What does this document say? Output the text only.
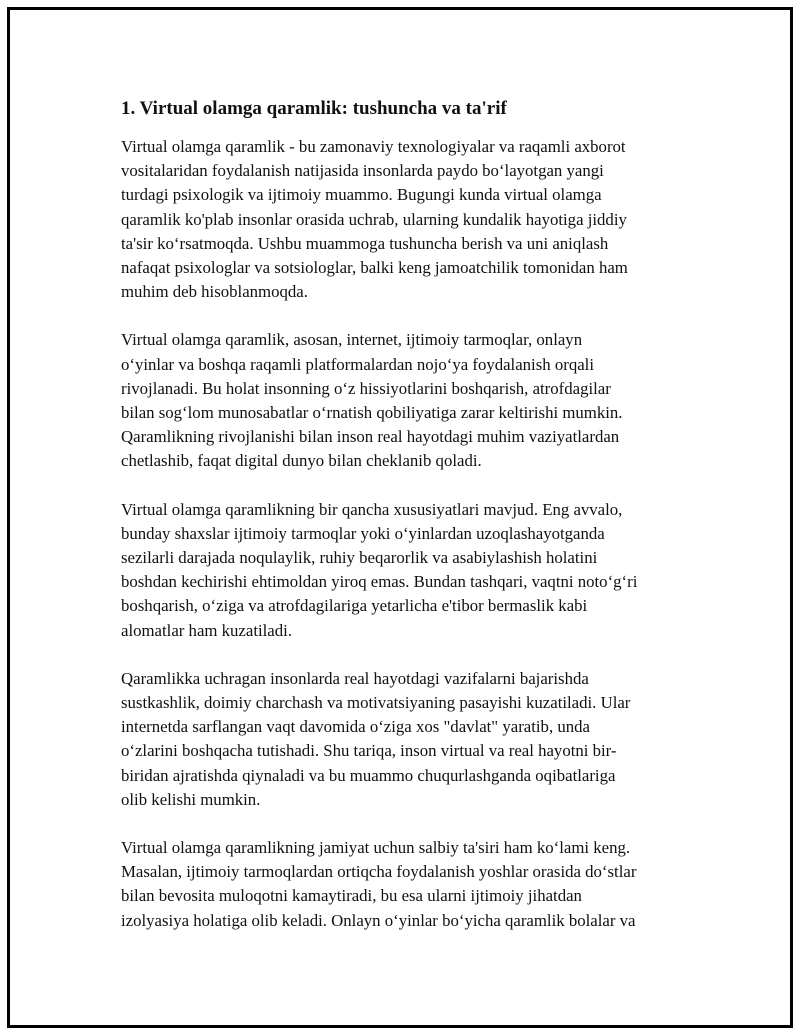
1. Virtual olamga qaramlik: tushuncha va ta'rif

Virtual olamga qaramlik - bu zamonaviy texnologiyalar va raqamli axborot
vositalaridan foydalanish natijasida insonlarda paydo bo‘layotgan yangi
turdagi psixologik va ijtimoiy muammo. Bugungi kunda virtual olamga
qaramlik ko'plab insonlar orasida uchrab, ularning kundalik hayotiga jiddiy
ta'sir ko‘rsatmoqda. Ushbu muammoga tushuncha berish va uni aniqlash
nafaqat psixologlar va sotsiologlar, balki keng jamoatchilik tomonidan ham
muhim deb hisoblanmoqda.

Virtual olamga qaramlik, asosan, internet, ijtimoiy tarmoqlar, onlayn
o‘yinlar va boshqa raqamli platformalardan nojo‘ya foydalanish orqali
rivojlanadi. Bu holat insonning o‘z hissiyotlarini boshqarish, atrofdagilar
bilan sog‘lom munosabatlar o‘rnatish qobiliyatiga zarar keltirishi mumkin.
Qaramlikning rivojlanishi bilan inson real hayotdagi muhim vaziyatlardan
chetlashib, faqat digital dunyo bilan cheklanib qoladi.

Virtual olamga qaramlikning bir qancha xususiyatlari mavjud. Eng avvalo,
bunday shaxslar ijtimoiy tarmoqlar yoki o‘yinlardan uzoqlashayotganda
sezilarli darajada noqulaylik, ruhiy beqarorlik va asabiylashish holatini
boshdan kechirishi ehtimoldan yiroq emas. Bundan tashqari, vaqtni noto‘g‘ri
boshqarish, o‘ziga va atrofdagilariga yetarlicha e'tibor bermaslik kabi
alomatlar ham kuzatiladi.

Qaramlikka uchragan insonlarda real hayotdagi vazifalarni bajarishda
sustkashlik, doimiy charchash va motivatsiyaning pasayishi kuzatiladi. Ular
internetda sarflangan vaqt davomida o‘ziga xos "davlat" yaratib, unda
o‘zlarini boshqacha tutishadi. Shu tariqa, inson virtual va real hayotni bir-
biridan ajratishda qiynaladi va bu muammo chuqurlashganda oqibatlariga
olib kelishi mumkin.

Virtual olamga qaramlikning jamiyat uchun salbiy ta'siri ham ko‘lami keng.
Masalan, ijtimoiy tarmoqlardan ortiqcha foydalanish yoshlar orasida do‘stlar
bilan bevosita muloqotni kamaytiradi, bu esa ularni ijtimoiy jihatdan
izolyasiya holatiga olib keladi. Onlayn o‘yinlar bo‘yicha qaramlik bolalar va
